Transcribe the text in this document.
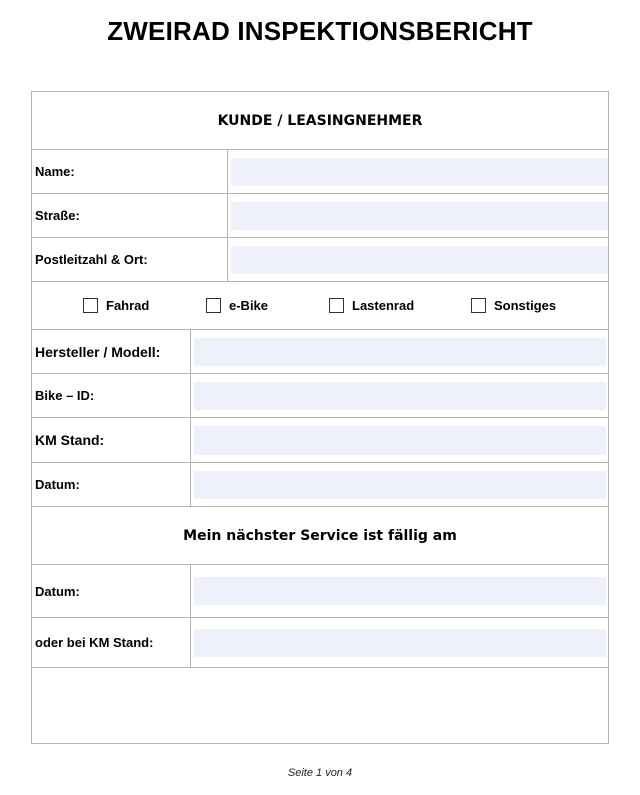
ZWEIRAD INSPEKTIONSBERICHT
KUNDE / LEASINGNEHMER
Name:
Straße:
Postleitzahl & Ort:
Fahrad	e-Bike	Lastenrad	Sonstiges
Hersteller / Modell:
Bike – ID:
KM Stand:
Datum:
Mein nächster Service ist fällig am
Datum:
oder bei KM Stand:
Seite 1 von 4
